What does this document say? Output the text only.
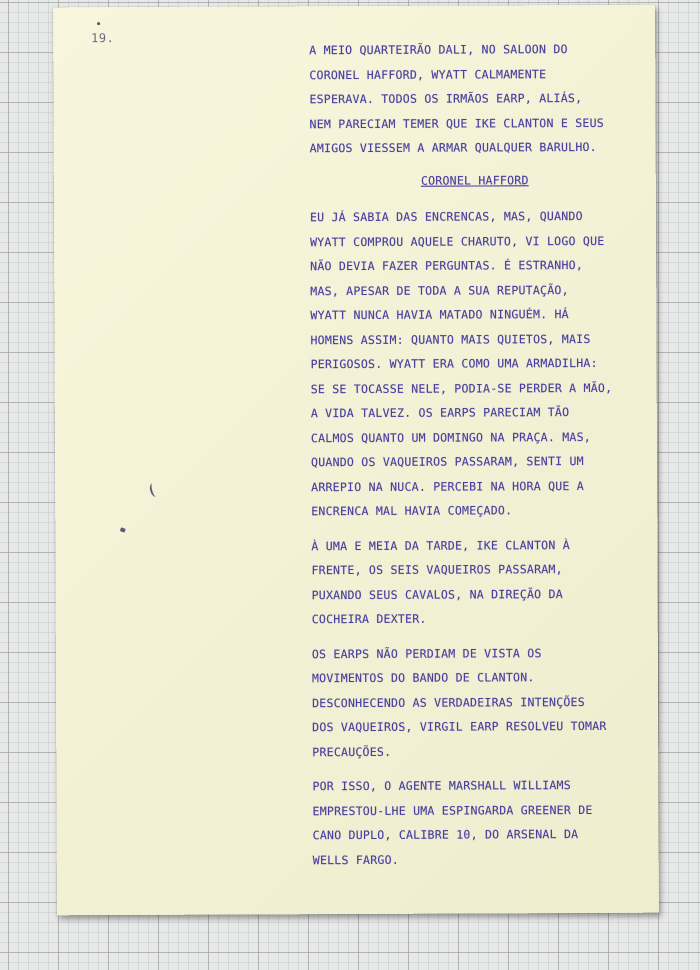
19.

A MEIO QUARTEIRÃO DALI, NO SALOON DO
CORONEL HAFFORD, WYATT CALMAMENTE
ESPERAVA. TODOS OS IRMÃOS EARP, ALIÁS,
NEM PARECIAM TEMER QUE IKE CLANTON E SEUS
AMIGOS VIESSEM A ARMAR QUALQUER BARULHO.

CORONEL HAFFORD

EU JÁ SABIA DAS ENCRENCAS, MAS, QUANDO
WYATT COMPROU AQUELE CHARUTO, VI LOGO QUE
NÃO DEVIA FAZER PERGUNTAS. É ESTRANHO,
MAS, APESAR DE TODA A SUA REPUTAÇÃO,
WYATT NUNCA HAVIA MATADO NINGUÉM. HÁ
HOMENS ASSIM: QUANTO MAIS QUIETOS, MAIS
PERIGOSOS. WYATT ERA COMO UMA ARMADILHA:
SE SE TOCASSE NELE, PODIA-SE PERDER A MÃO,
A VIDA TALVEZ. OS EARPS PARECIAM TÃO
CALMOS QUANTO UM DOMINGO NA PRAÇA. MAS,
QUANDO OS VAQUEIROS PASSARAM, SENTI UM
ARREPIO NA NUCA. PERCEBI NA HORA QUE A
ENCRENCA MAL HAVIA COMEÇADO.

À UMA E MEIA DA TARDE, IKE CLANTON À
FRENTE, OS SEIS VAQUEIROS PASSARAM,
PUXANDO SEUS CAVALOS, NA DIREÇÃO DA
COCHEIRA DEXTER.

OS EARPS NÃO PERDIAM DE VISTA OS
MOVIMENTOS DO BANDO DE CLANTON.
DESCONHECENDO AS VERDADEIRAS INTENÇÕES
DOS VAQUEIROS, VIRGIL EARP RESOLVEU TOMAR
PRECAUÇÕES.

POR ISSO, O AGENTE MARSHALL WILLIAMS
EMPRESTOU-LHE UMA ESPINGARDA GREENER DE
CANO DUPLO, CALIBRE 10, DO ARSENAL DA
WELLS FARGO.
